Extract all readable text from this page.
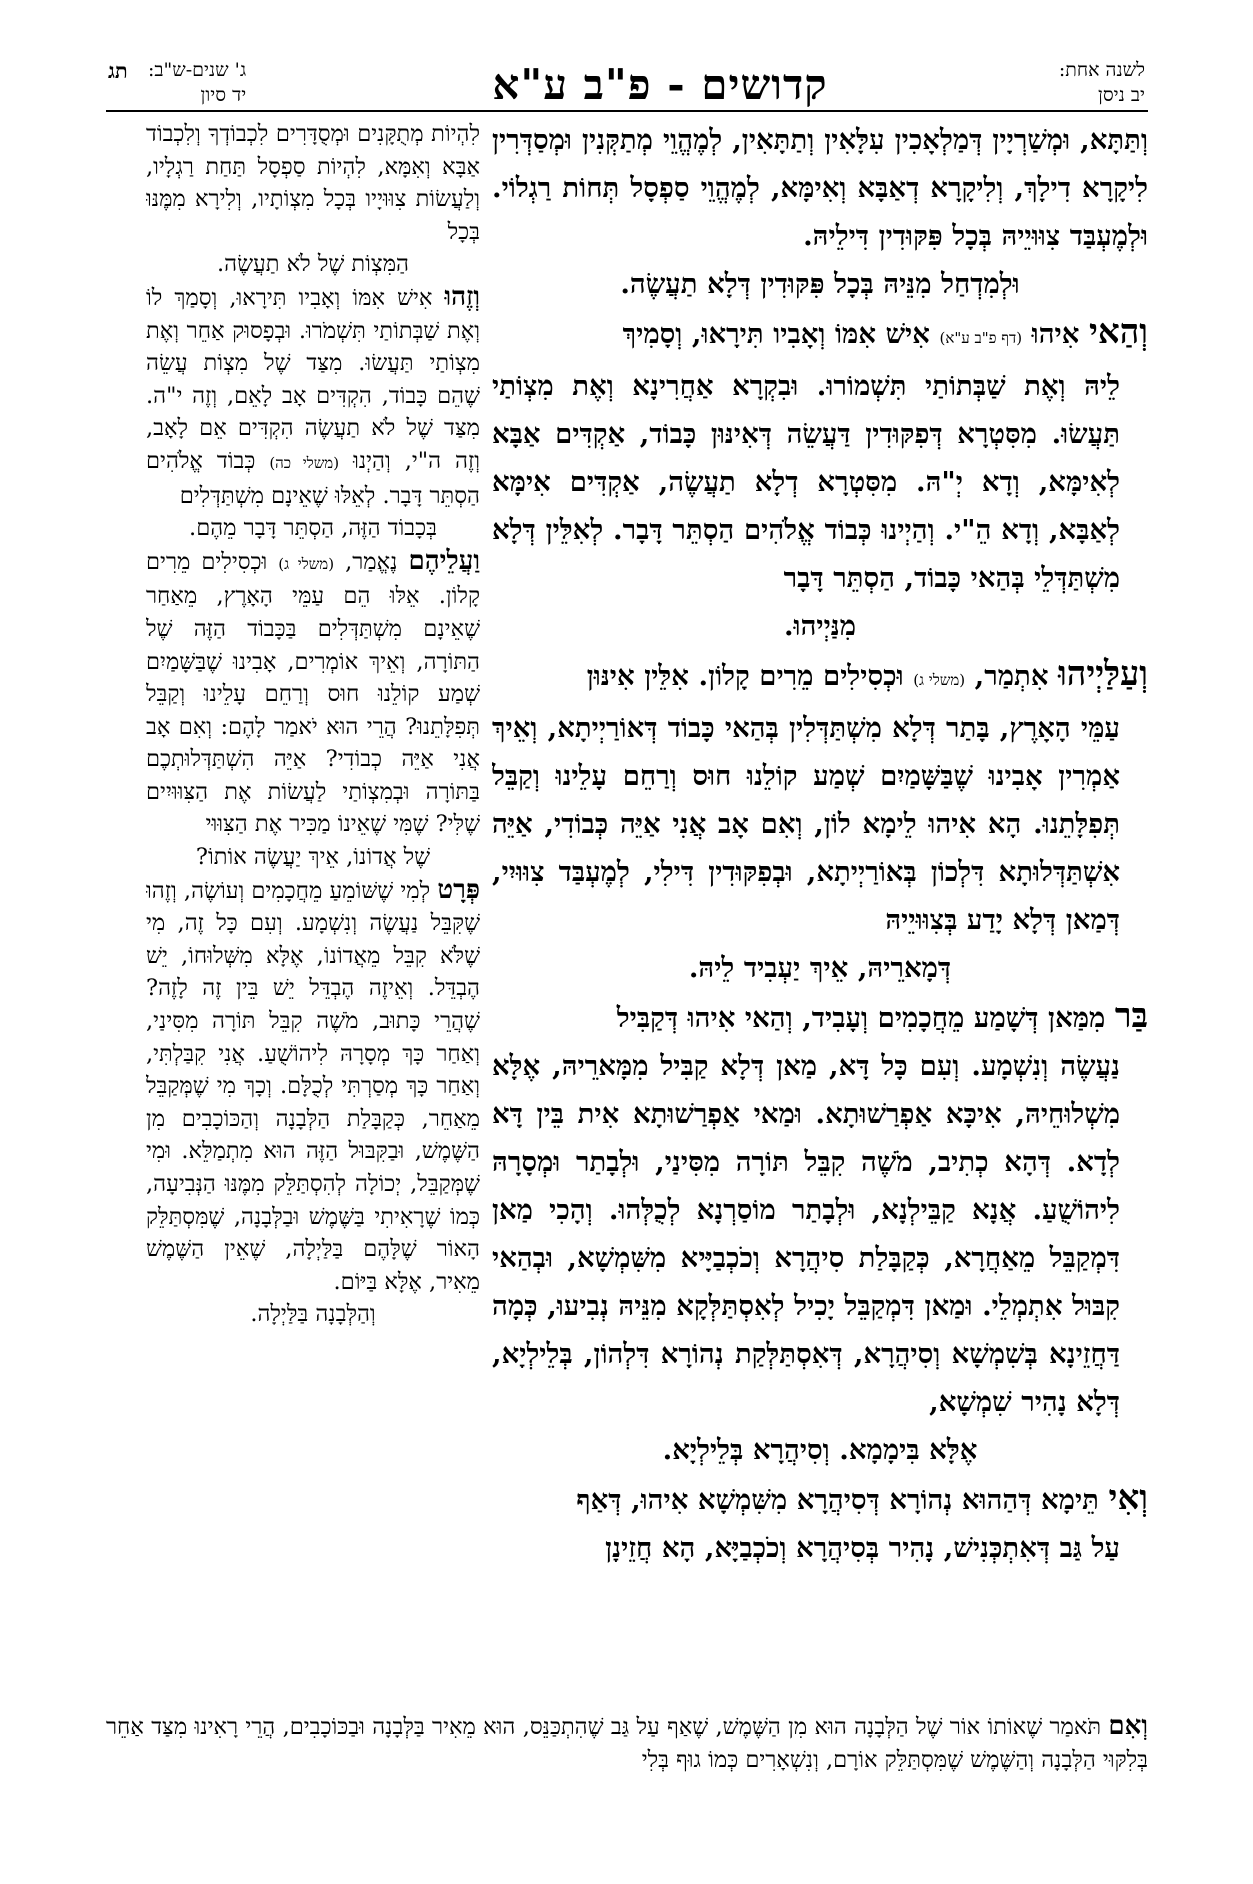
לשנה אחת:
יב ניסן
קדושים - פ"ב ע"א
ג' שנים-ש"ב:
יד סיון
תג

וְתַּתָּא, וּמְשַׁרְיָין דְּמַלְאָכִין עִלָּאִין וְתַתָּאִין, לְמֶהֱוֵי מְתַקְּנִין וּמְסַדְּרִין לִיקָרָא דִילָךְ, וְלִיקָרָא דְאַבָּא וְאִימָּא, לְמֶהֱוֵי סַפְסָל תְּחוֹת רַגְלוֹי. וּלְמֶעְבַּד צִוּוּיֵיהּ בְּכָל פִּקּוּדִין דִּילֵיהּ.

וּלְמִדְחַל מִנֵּיהּ בְּכָל פִּקּוּדִין דְּלָא תַעֲשֶׂה.

וְהַאי אִיהוּ (דף פ"ב ע"א) אִישׁ אִמּוֹ וְאָבִיו תִּירָאוּ, וְסָמִיךְ

לֵיהּ וְאֶת שַׁבְּתוֹתַי תִּשְׁמוֹרוּ. וּבִקְרָא אַחֲרִינָא וְאֶת מִצְוֹתַי תַּעֲשׂוּ. מִסִּטְרָא דְּפִקּוּדִין דַּעֲשֵׂה דְּאִינּוּן כָּבוֹד, אַקְדִּים אַבָּא לְאִימָּא, וְדָא יְ"הּ. מִסִּטְרָא דְלָא תַעֲשֶׂה, אַקְדִּים אִימָּא לְאַבָּא, וְדָא הֵ"י. וְהַיְינוּ כְּבוֹד אֱלֹהִים הַסְתֵּר דָּבָר. לְאִלֵּין דְּלָא מִשְׁתַּדְּלֵי בְּהַאי כָּבוֹד, הַסְתֵּר דָּבָר

מִנַּיְיהוּ.

וְעַלַּיְיהוּ אִתְמַר, (משלי ג) וּכְסִילִים מֵרִים קָלוֹן. אִלֵּין אִינּוּן

עַמֵּי הָאָרֶץ, בָּתַר דְּלָא מִשְׁתַּדְּלִין בְּהַאי כָּבוֹד דְּאוֹרַיְיתָא, וְאֵיךְ אַמְרִין אָבִינוּ שֶׁבַּשָּׁמַיִם שְׁמַע קוֹלֵנוּ חוּס וְרַחֵם עָלֵינוּ וְקַבֵּל תְּפִלָּתֵנוּ. הָא אִיהוּ לֵימָא לוֹן, וְאִם אָב אֲנִי אַיֵּה כְּבוֹדִי, אַיֵּה אִשְׁתַּדְּלוּתָא דִּלְכוֹן בְּאוֹרַיְיתָא, וּבְפִקּוּדִין דִּילִי, לְמֶעְבַּד צִוּוּיִי, דְּמַאן דְּלָא יָדַע בְּצִוּוּיֵיהּ

דְּמָארֵיהּ, אֵיךְ יַעְבִיד לֵיהּ.

בַּר מִמַּאן דְּשָׁמַע מֵחֲכָמִים וְעָבִיד, וְהַאי אִיהוּ דְּקַבִּיל

נַעֲשֶׂה וְנִשְׁמָע. וְעִם כָּל דָּא, מַאן דְּלָא קַבִּיל מִמָּארֵיהּ, אֶלָּא מִשְׁלוּחֵיהּ, אִיכָּא אַפְרַשׁוּתָא. וּמַאי אַפְרַשׁוּתָא אִית בֵּין דָּא לְדָא. דְּהָא כְתִיב, מֹשֶׁה קִבֵּל תּוֹרָה מִסִּינַי, וּלְבָתַר וּמְסָרָהּ לִיהוֹשֻׁעַ. אֲנָא קַבֵּילְנָא, וּלְבָתַר מוֹסַרְנָא לְכֻלְּהוּ. וְהָכִי מַאן דִּמְקַבֵּל מֵאַחֲרָא, כְּקַבָּלַת סִיהֲרָא וְכֹכְבַיָּיא מִשִּׁמְשָׁא, וּבְהַאי קִבּוּל אִתְמְלֵי. וּמַאן דִּמְקַבֵּל יָכִיל לְאִסְתַּלְּקָא מִנֵּיהּ נְבִיעוּ, כְּמָה דַּחֲזֵינָא בְּשִׁמְשָׁא וְסִיהֲרָא, דְּאִסְתַּלְּקַת נְהוֹרָא דִּלְהוֹן, בְּלֵילְיָא, דְּלָא נָהִיר שִׁמְשָׁא,

אֶלָּא בִּימָמָא. וְסִיהֲרָא בְּלֵילְיָא.

וְאִי תֵּימָא דְּהַהוּא נְהוֹרָא דְּסִיהֲרָא מִשִּׁמְשָׁא אִיהוּ, דְּאַף

עַל גַּב דְּאִתְכְּנִישׁ, נָהִיר בְּסִיהֲרָא וְכֹכְבַיָּא, הָא חֲזֵינָן

לִהְיוֹת מְתֻקָּנִים וּמְסֻדָּרִים לִכְבוֹדְךָ וְלִכְבוֹד אַבָּא וְאִמָּא, לִהְיוֹת סַפְסָל תַּחַת רַגְלָיו, וְלַעֲשׂוֹת צִוּוּיָיו בְּכָל מִצְוֹתָיו, וְלִירָא מִמֶּנּוּ בְּכָל

הַמִּצְוֹת שֶׁל לֹא תַעֲשֶׂה.

וְזֶהוּ אִישׁ אִמּוֹ וְאָבִיו תִּירָאוּ, וְסָמַךְ לוֹ וְאֶת שַׁבְּתוֹתַי תִּשְׁמֹרוּ. וּבְפָסוּק אַחֵר וְאֶת מִצְוֹתַי תַּעֲשׂוּ. מִצַּד שֶׁל מִצְוֹת עֲשֵׂה שֶׁהֵם כָּבוֹד, הִקְדִּים אָב לָאֵם, וְזֶה י"ה. מִצַּד שֶׁל לֹא תַעֲשֶׂה הִקְדִּים אֵם לָאָב, וְזֶה ה"י, וְהַיְנוּ (משלי כה) כְּבוֹד אֱלֹהִים הַסְתֵּר דָּבָר. לְאֵלּוּ שֶׁאֵינָם מִשְׁתַּדְּלִים

בְּכָבוֹד הַזֶּה, הַסְתֵּר דָּבָר מֵהֶם.

וַעֲלֵיהֶם נֶאֱמַר, (משלי ג) וּכְסִילִים מֵרִים קָלוֹן. אֵלּוּ הֵם עַמֵּי הָאָרֶץ, מֵאַחַר שֶׁאֵינָם מִשְׁתַּדְּלִים בַּכָּבוֹד הַזֶּה שֶׁל הַתּוֹרָה, וְאֵיךְ אוֹמְרִים, אָבִינוּ שֶׁבַּשָּׁמַיִם שְׁמַע קוֹלֵנוּ חוּס וְרַחֵם עָלֵינוּ וְקַבֵּל תְּפִלָּתֵנוּ? הֲרֵי הוּא יֹאמַר לָהֶם: וְאִם אָב אֲנִי אַיֵּה כְבוֹדִי? אַיֵּה הִשְׁתַּדְּלוּתְכֶם בַּתּוֹרָה וּבְמִצְוֹתַי לַעֲשׂוֹת אֶת הַצִּוּוּיִים שֶׁלִּי? שֶׁמִּי שֶׁאֵינוֹ מַכִּיר אֶת הַצִּוּוּי

שֶׁל אֲדוֹנוֹ, אֵיךְ יַעֲשֶׂה אוֹתוֹ?

פְּרָט לְמִי שֶׁשּׁוֹמֵעַ מֵחֲכָמִים וְעוֹשֶׂה, וְזֶהוּ שֶׁקִּבֵּל נַעֲשֶׂה וְנִשְׁמָע. וְעִם כָּל זֶה, מִי שֶׁלֹּא קִבֵּל מֵאֲדוֹנוֹ, אֶלָּא מִשְּׁלוּחוֹ, יֵשׁ הֶבְדֵּל. וְאֵיזֶה הֶבְדֵּל יֵשׁ בֵּין זֶה לָזֶה? שֶׁהֲרֵי כָּתוּב, מֹשֶׁה קִבֵּל תּוֹרָה מִסִּינַי, וְאַחַר כָּךְ מְסָרָהּ לִיהוֹשֻׁעַ. אֲנִי קִבַּלְתִּי, וְאַחַר כָּךְ מְסַרְתִּי לְכֻלָּם. וְכָךְ מִי שֶׁמְּקַבֵּל מֵאַחֵר, כְּקַבָּלַת הַלְּבָנָה וְהַכּוֹכָבִים מִן הַשֶּׁמֶשׁ, וּבַקִּבּוּל הַזֶּה הוּא מִתְמַלֵּא. וּמִי שֶׁמְּקַבֵּל, יְכוֹלָה לְהִסְתַּלֵּק מִמֶּנּוּ הַנְּבִיעָה, כְּמוֹ שֶׁרָאִיתִי בַּשֶּׁמֶשׁ וּבַלְּבָנָה, שֶׁמִּסְתַּלֵּק הָאוֹר שֶׁלָּהֶם בַּלַּיְלָה, שֶׁאֵין הַשֶּׁמֶשׁ מֵאִיר, אֶלָּא בַּיּוֹם.

וְהַלְּבָנָה בַּלַּיְלָה.

וְאִם תֹּאמַר שֶׁאוֹתוֹ אוֹר שֶׁל הַלְּבָנָה הוּא מִן הַשֶּׁמֶשׁ, שֶׁאַף עַל גַּב שֶׁהִתְכַּנֵּס, הוּא מֵאִיר בַּלְּבָנָה וּבַכּוֹכָבִים, הֲרֵי רָאִינוּ מִצַּד אַחֵר בְּלִקּוּי הַלְּבָנָה וְהַשֶּׁמֶשׁ שֶׁמִּסְתַּלֵּק אוֹרָם, וְנִשְׁאָרִים כְּמוֹ גוּף בְּלִי
